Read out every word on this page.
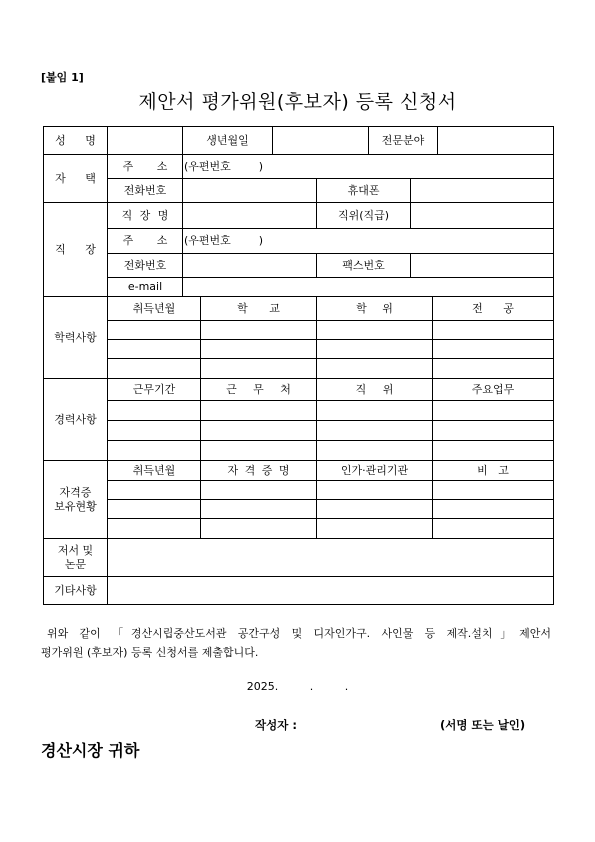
[붙임 1]
제안서 평가위원(후보자) 등록 신청서
성 명		생년월일				전문분야			
자 택	주 소	(우편번호        )							
	전화번호				휴대폰				
직 장	직 장 명				직위(직급)				
	주 소	(우편번호        )							
	전화번호				팩스번호				
	e-mail								
학력사항	취득년월		학 교		학 위			전 공	

경력사항	근무기간		근 무 처		직 위			주요업무	

자격증
보유현황	취득년월		자 격 증 명		인가·관리기관			비 고	

저서 및
논문									

기타사항									
위와 같이 「경산시립중산도서관 공간구성 및 디자인가구. 사인물 등 제작.설치」제안서
평가위원 (후보자) 등록 신청서를 제출합니다.
2025.         .         .
작성자 :	(서명 또는 날인)
경산시장 귀하
